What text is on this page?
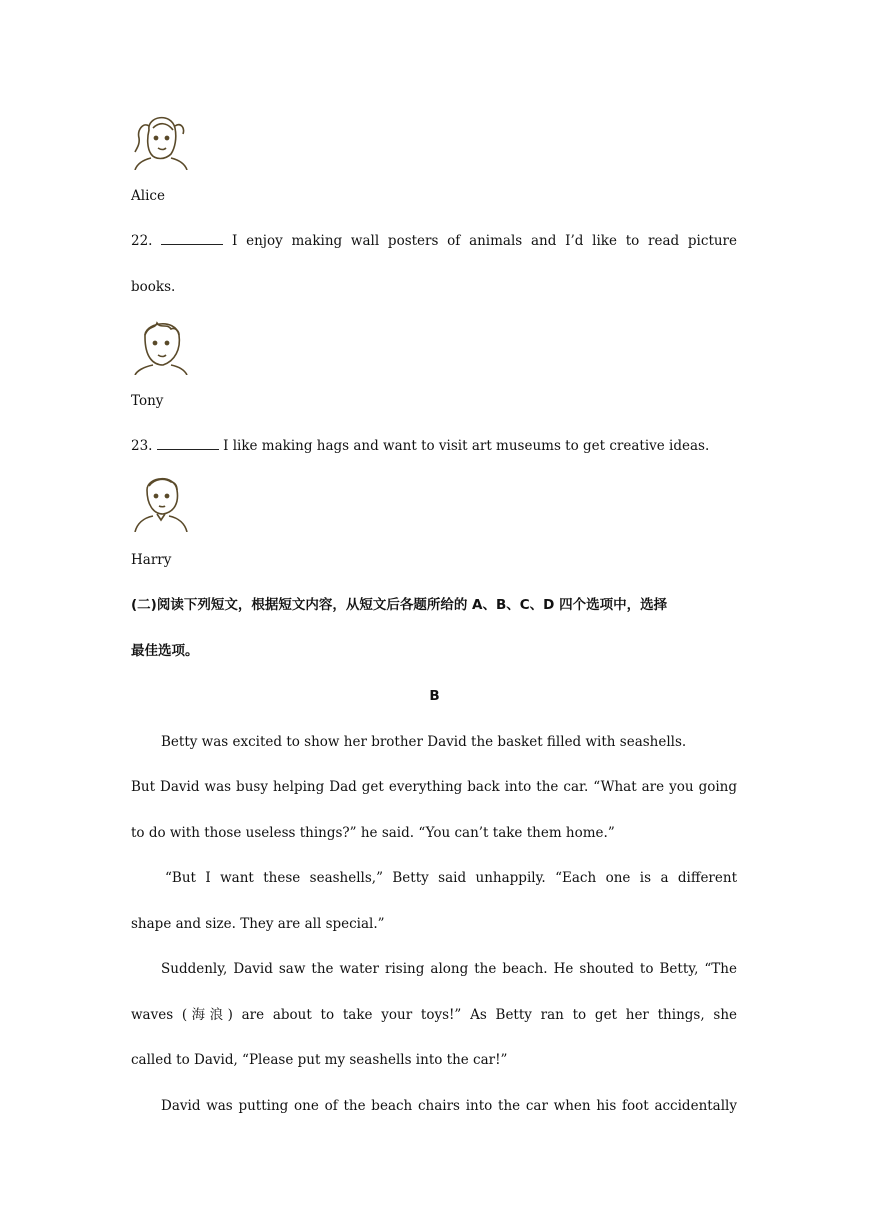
Alice
22.	I enjoy making wall posters of animals and I’d like to read picture
books.
Tony
23.	I like making hags and want to visit art museums to get creative ideas.
Harry
(二)阅读下列短文，根据短文内容，从短文后各题所给的 A、B、C、D 四个选项中，选择
最佳选项。
B
Betty was excited to show her brother David the basket filled with seashells.
But David was busy helping Dad get everything back into the car. “What are you going
to do with those useless things?” he said. “You can’t take them home.”
“But I want these seashells,” Betty said unhappily. “Each one is a different
shape and size. They are all special.”
Suddenly, David saw the water rising along the beach. He shouted to Betty, “The
waves (海浪) are about to take your toys!” As Betty ran to get her things, she
called to David, “Please put my seashells into the car!”
David was putting one of the beach chairs into the car when his foot accidentally
